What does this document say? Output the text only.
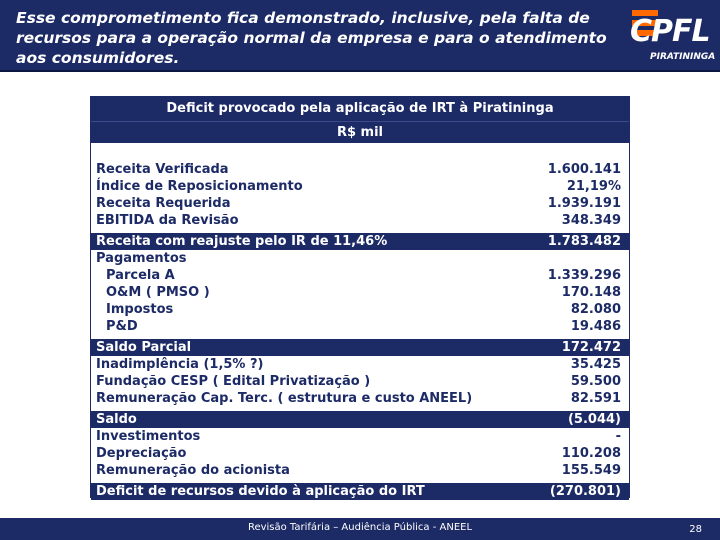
Esse comprometimento fica demonstrado, inclusive, pela falta de
recursos para a operação normal da empresa e para o atendimento
aos consumidores.
CPFL
PIRATININGA
Deficit provocado pela aplicação de IRT à Piratininga
R$ mil
Receita Verificada	1.600.141
Índice de Reposicionamento	21,19%
Receita Requerida	1.939.191
EBITIDA da Revisão	348.349
Receita com reajuste pelo IR de 11,46%	1.783.482
Pagamentos
Parcela A	1.339.296
O&M ( PMSO )	170.148
Impostos	82.080
P&D	19.486
Saldo Parcial	172.472
Inadimplência (1,5% ?)	35.425
Fundação CESP ( Edital Privatização )	59.500
Remuneração Cap. Terc. ( estrutura e custo ANEEL)	82.591
Saldo	(5.044)
Investimentos	-
Depreciação	110.208
Remuneração do acionista	155.549
Deficit de recursos devido à aplicação do IRT	(270.801)
Revisão Tarifária – Audiência Pública - ANEEL	28
